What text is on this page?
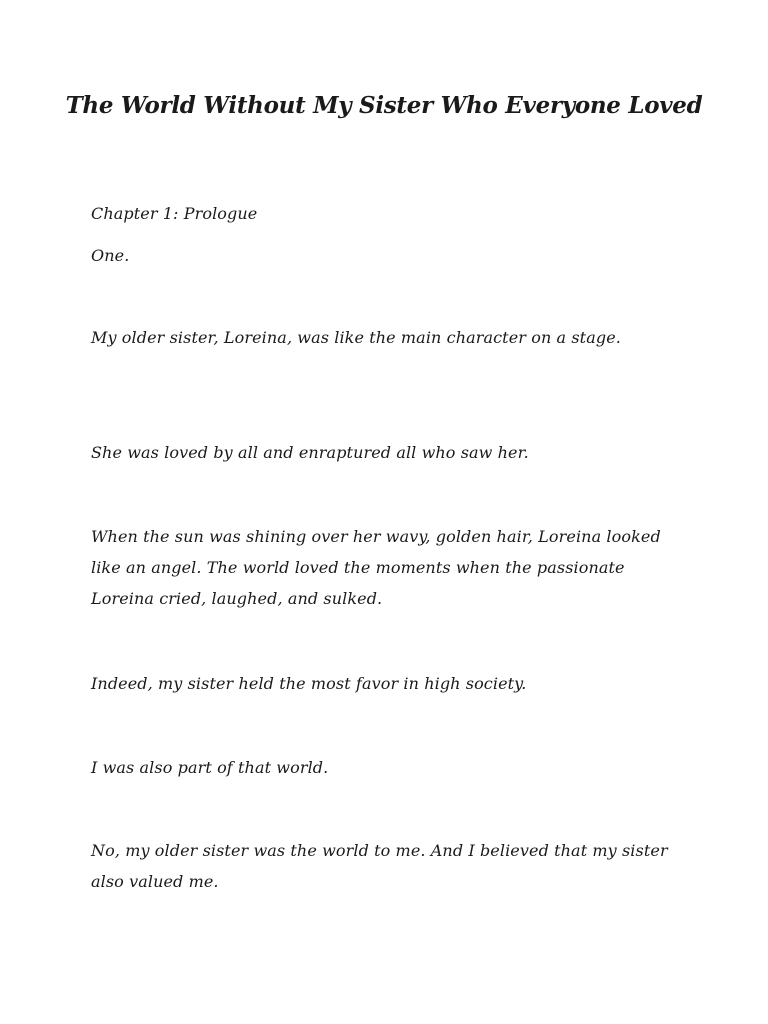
The World Without My Sister Who Everyone Loved

Chapter 1: Prologue

One.

My older sister, Loreina, was like the main character on a stage.

She was loved by all and enraptured all who saw her.

When the sun was shining over her wavy, golden hair, Loreina looked like an angel. The world loved the moments when the passionate Loreina cried, laughed, and sulked.

Indeed, my sister held the most favor in high society.

I was also part of that world.

No, my older sister was the world to me. And I believed that my sister also valued me.
